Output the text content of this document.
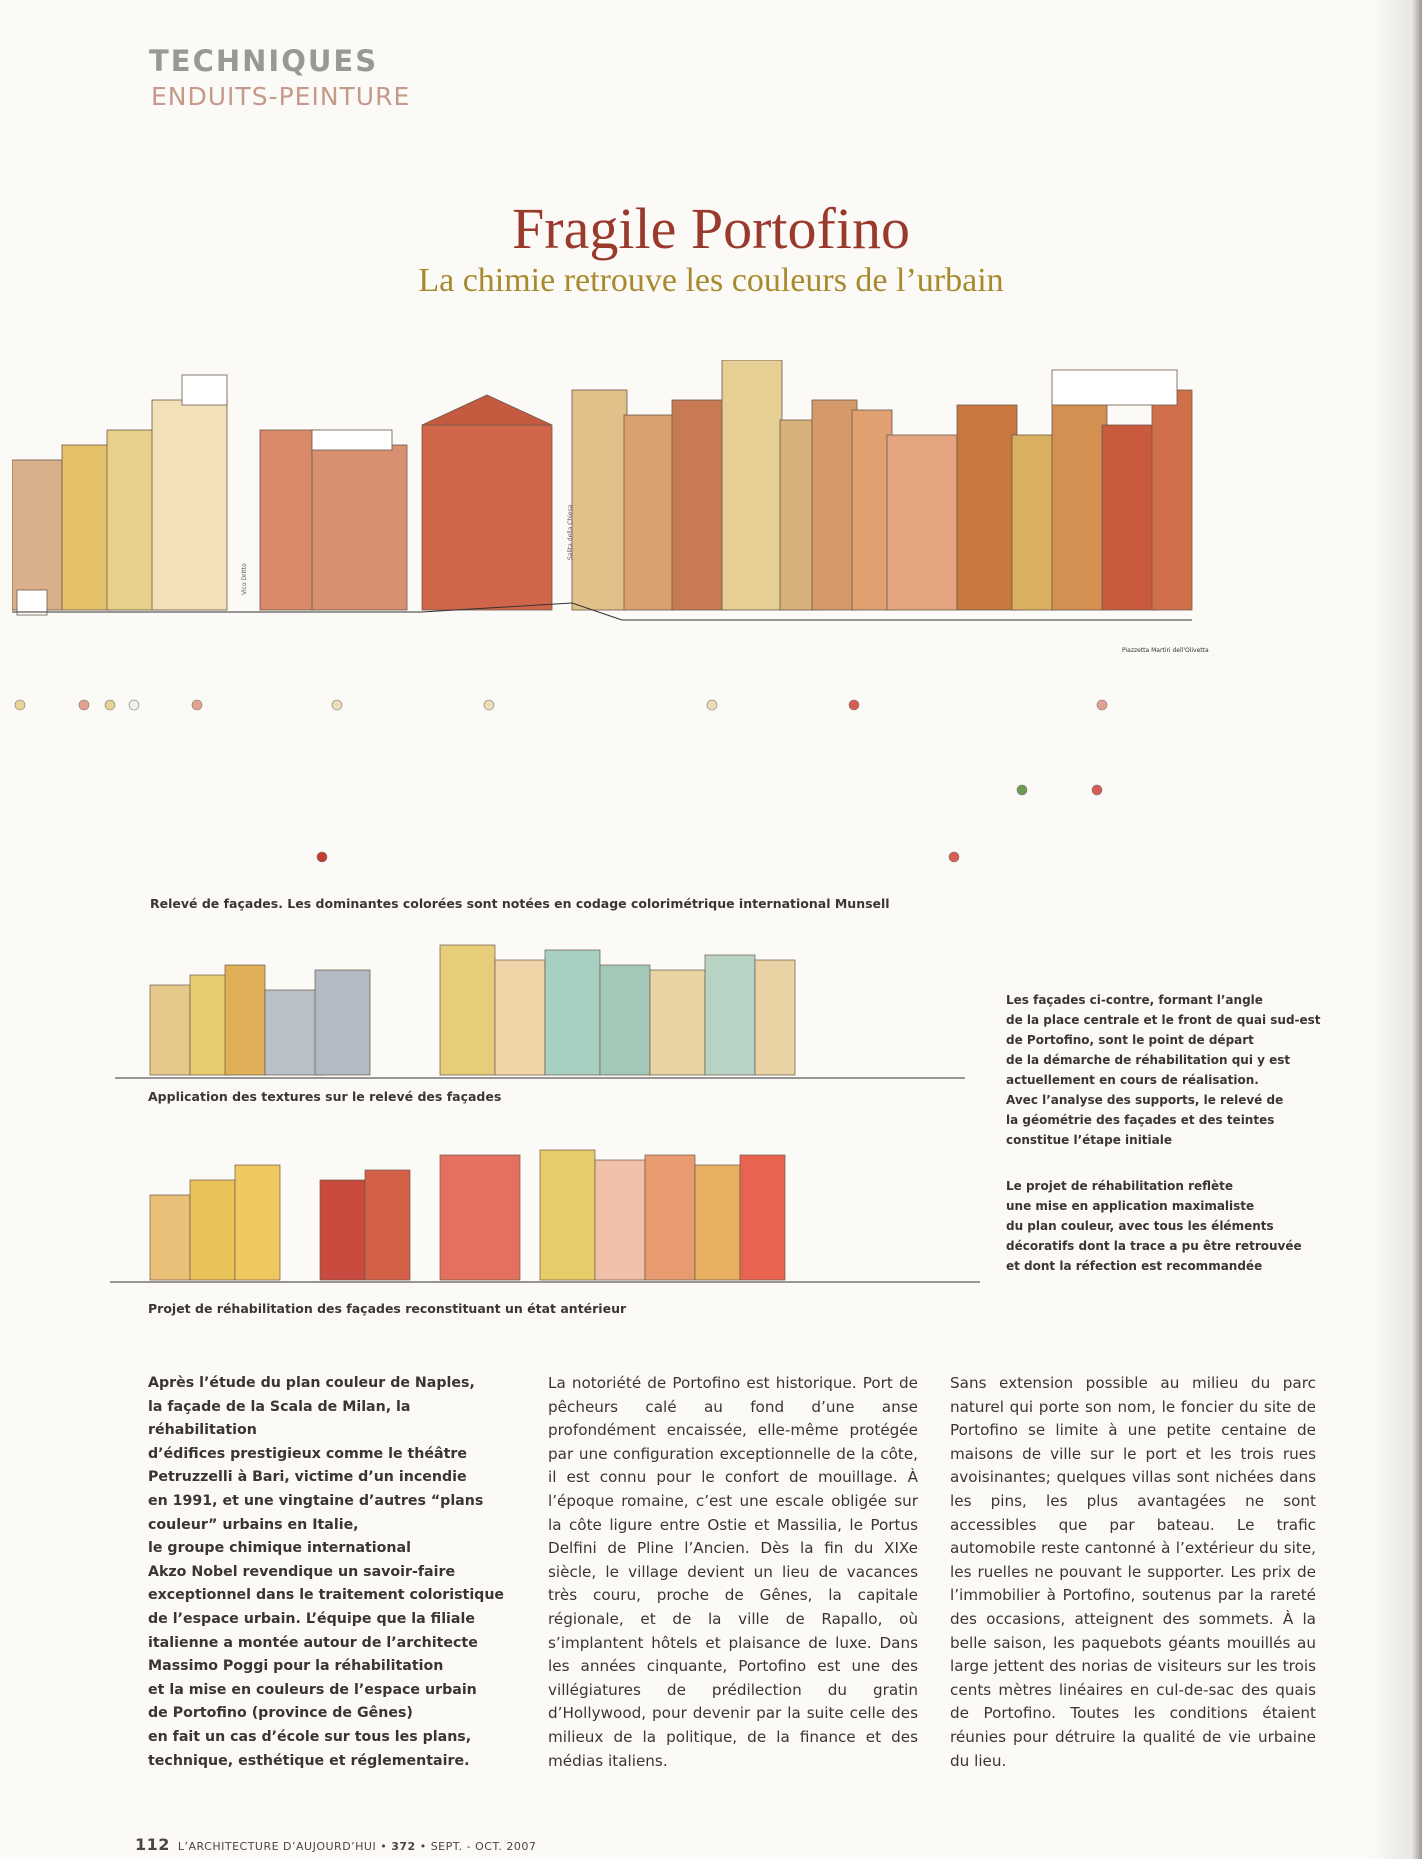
TECHNIQUES
ENDUITS-PEINTURE
Fragile Portofino
La chimie retrouve les couleurs de l’urbain
Vico Dritto
Salita della Chiesa
Piazzetta Martiri dell'Olivetta
Relevé de façades. Les dominantes colorées sont notées en codage colorimétrique international Munsell
Application des textures sur le relevé des façades
Projet de réhabilitation des façades reconstituant un état antérieur

Les façades ci-contre, formant l’angle

de la place centrale et le front de quai sud-est

de Portofino, sont le point de départ

de la démarche de réhabilitation qui y est

actuellement en cours de réalisation.

Avec l’analyse des supports, le relevé de

la géométrie des façades et des teintes

constitue l’étape initiale

Le projet de réhabilitation reflète

une mise en application maximaliste

du plan couleur, avec tous les éléments

décoratifs dont la trace a pu être retrouvée

et dont la réfection est recommandée

Après l’étude du plan couleur de Naples,

la façade de la Scala de Milan, la réhabilitation

d’édifices prestigieux comme le théâtre

Petruzzelli à Bari, victime d’un incendie

en 1991, et une vingtaine d’autres “plans

couleur” urbains en Italie,

le groupe chimique international

Akzo Nobel revendique un savoir-faire

exceptionnel dans le traitement coloristique

de l’espace urbain. L’équipe que la filiale

italienne a montée autour de l’architecte

Massimo Poggi pour la réhabilitation

et la mise en couleurs de l’espace urbain

de Portofino (province de Gênes)

en fait un cas d’école sur tous les plans,

technique, esthétique et réglementaire.

La notoriété de Portofino est historique. Port de pêcheurs calé au fond d’une anse profondément encaissée, elle-même protégée par une configuration exceptionnelle de la côte, il est connu pour le confort de mouillage. À l’époque romaine, c’est une escale obligée sur la côte ligure entre Ostie et Massilia, le Portus Delfini de Pline l’Ancien. Dès la fin du XIXe siècle, le village devient un lieu de vacances très couru, proche de Gênes, la capitale régionale, et de la ville de Rapallo, où s’implantent hôtels et plaisance de luxe. Dans les années cinquante, Portofino est une des villégiatures de prédilection du gratin d’Hollywood, pour devenir par la suite celle des milieux de la politique, de la finance et des médias italiens.

Sans extension possible au milieu du parc naturel qui porte son nom, le foncier du site de Portofino se limite à une petite centaine de maisons de ville sur le port et les trois rues avoisinantes; quelques villas sont nichées dans les pins, les plus avantagées ne sont accessibles que par bateau. Le trafic automobile reste cantonné à l’extérieur du site, les ruelles ne pouvant le supporter. Les prix de l’immobilier à Portofino, soutenus par la rareté des occasions, atteignent des sommets. À la belle saison, les paquebots géants mouillés au large jettent des norias de visiteurs sur les trois cents mètres linéaires en cul-de-sac des quais de Portofino. Toutes les conditions étaient réunies pour détruire la qualité de vie urbaine du lieu.

112 L’ARCHITECTURE D’AUJOURD’HUI • 372 • SEPT. - OCT. 2007
